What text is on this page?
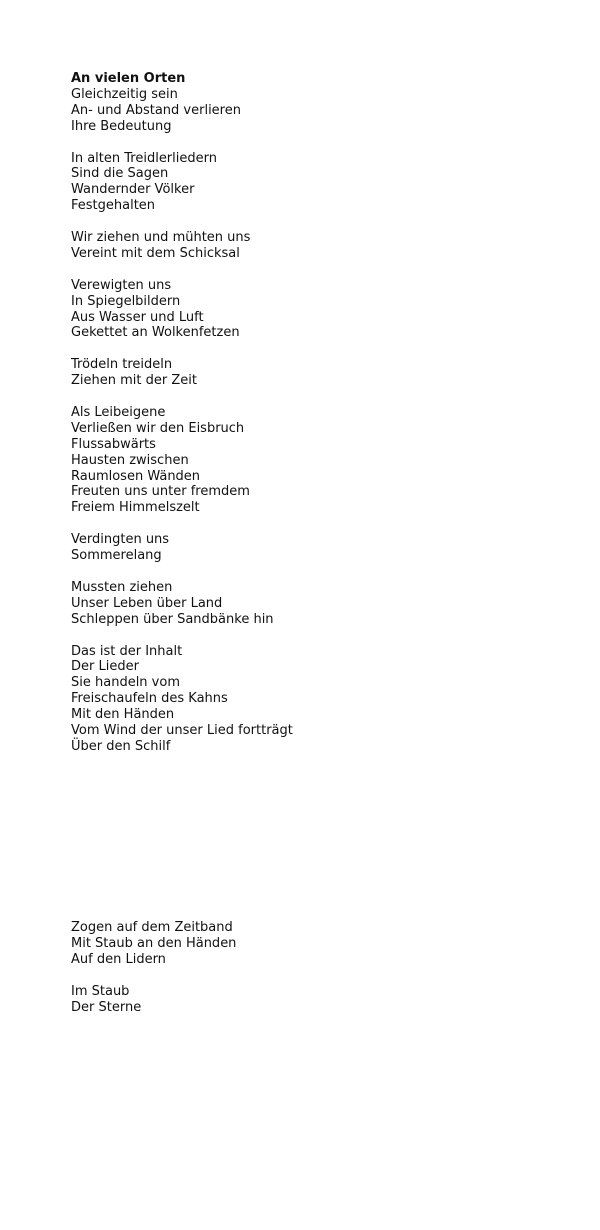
An vielen Orten
Gleichzeitig sein
An- und Abstand verlieren
Ihre Bedeutung
In alten Treidlerliedern
Sind die Sagen
Wandernder Völker
Festgehalten
Wir ziehen und mühten uns
Vereint mit dem Schicksal
Verewigten uns
In Spiegelbildern
Aus Wasser und Luft
Gekettet an Wolkenfetzen
Trödeln treideln
Ziehen mit der Zeit
Als Leibeigene
Verließen wir den Eisbruch
Flussabwärts
Hausten zwischen
Raumlosen Wänden
Freuten uns unter fremdem
Freiem Himmelszelt
Verdingten uns
Sommerelang
Mussten ziehen
Unser Leben über Land
Schleppen über Sandbänke hin
Das ist der Inhalt
Der Lieder
Sie handeln vom
Freischaufeln des Kahns
Mit den Händen
Vom Wind der unser Lied fortträgt
Über den Schilf
Zogen auf dem Zeitband
Mit Staub an den Händen
Auf den Lidern
Im Staub
Der Sterne
